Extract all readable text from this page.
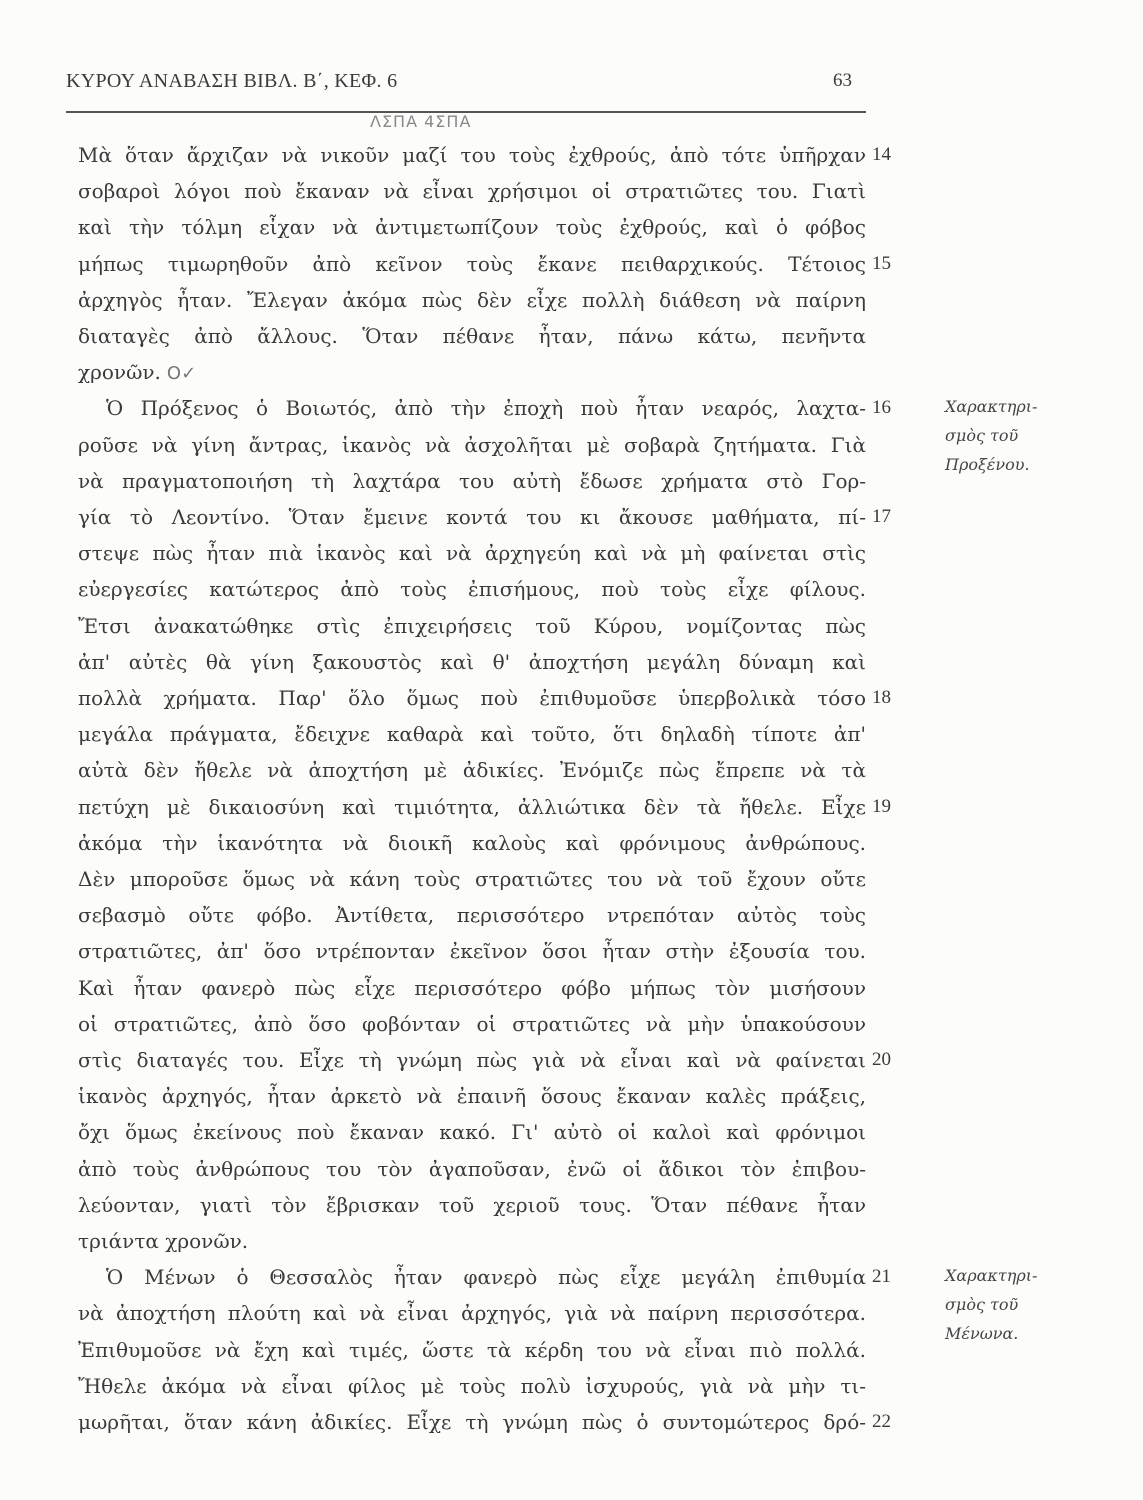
ΚΥΡΟΥ ΑΝΑΒΑΣΗ ΒΙΒΛ. Β΄, ΚΕΦ. 6	63
ΛΣΠΑ 4ΣΠΑ
Μὰ ὅταν ἄρχιζαν νὰ νικοῦν μαζί του τοὺς ἐχθρούς, ἀπὸ τότε ὑπῆρχαν 14
σοβαροὶ λόγοι ποὺ ἔκαναν νὰ εἶναι χρήσιμοι οἱ στρατιῶτες του. Γιατὶ
καὶ τὴν τόλμη εἶχαν νὰ ἀντιμετωπίζουν τοὺς ἐχθρούς, καὶ ὁ φόβος
μήπως τιμωρηθοῦν ἀπὸ κεῖνον τοὺς ἔκανε πειθαρχικούς. Τέτοιος 15
ἀρχηγὸς ἦταν. Ἔλεγαν ἀκόμα πὼς δὲν εἶχε πολλὴ διάθεση νὰ παίρνη
διαταγὲς ἀπὸ ἄλλους. Ὅταν πέθανε ἦταν, πάνω κάτω, πενῆντα
χρονῶν. O✓
Ὁ Πρόξενος ὁ Βοιωτός, ἀπὸ τὴν ἐποχὴ ποὺ ἦταν νεαρός, λαχτα- 16
ροῦσε νὰ γίνη ἄντρας, ἱκανὸς νὰ ἀσχολῆται μὲ σοβαρὰ ζητήματα. Γιὰ
νὰ πραγματοποιήση τὴ λαχτάρα του αὐτὴ ἔδωσε χρήματα στὸ Γορ-
γία τὸ Λεοντίνο. Ὅταν ἔμεινε κοντά του κι ἄκουσε μαθήματα, πί- 17
στεψε πὼς ἦταν πιὰ ἱκανὸς καὶ νὰ ἀρχηγεύη καὶ νὰ μὴ φαίνεται στὶς
εὐεργεσίες κατώτερος ἀπὸ τοὺς ἐπισήμους, ποὺ τοὺς εἶχε φίλους.
Ἔτσι ἀνακατώθηκε στὶς ἐπιχειρήσεις τοῦ Κύρου, νομίζοντας πὼς
ἀπ' αὐτὲς θὰ γίνη ξακουστὸς καὶ θ' ἀποχτήση μεγάλη δύναμη καὶ
πολλὰ χρήματα. Παρ' ὅλο ὅμως ποὺ ἐπιθυμοῦσε ὑπερβολικὰ τόσο 18
μεγάλα πράγματα, ἔδειχνε καθαρὰ καὶ τοῦτο, ὅτι δηλαδὴ τίποτε ἀπ'
αὐτὰ δὲν ἤθελε νὰ ἀποχτήση μὲ ἀδικίες. Ἐνόμιζε πὼς ἔπρεπε νὰ τὰ
πετύχη μὲ δικαιοσύνη καὶ τιμιότητα, ἀλλιώτικα δὲν τὰ ἤθελε. Εἶχε 19
ἀκόμα τὴν ἱκανότητα νὰ διοικῆ καλοὺς καὶ φρόνιμους ἀνθρώπους.
Δὲν μποροῦσε ὅμως νὰ κάνη τοὺς στρατιῶτες του νὰ τοῦ ἔχουν οὔτε
σεβασμὸ οὔτε φόβο. Ἀντίθετα, περισσότερο ντρεπόταν αὐτὸς τοὺς
στρατιῶτες, ἀπ' ὅσο ντρέπονταν ἐκεῖνον ὅσοι ἦταν στὴν ἐξουσία του.
Καὶ ἦταν φανερὸ πὼς εἶχε περισσότερο φόβο μήπως τὸν μισήσουν
οἱ στρατιῶτες, ἀπὸ ὅσο φοβόνταν οἱ στρατιῶτες νὰ μὴν ὑπακούσουν
στὶς διαταγές του. Εἶχε τὴ γνώμη πὼς γιὰ νὰ εἶναι καὶ νὰ φαίνεται 20
ἱκανὸς ἀρχηγός, ἦταν ἀρκετὸ νὰ ἐπαινῆ ὅσους ἔκαναν καλὲς πράξεις,
ὄχι ὅμως ἐκείνους ποὺ ἔκαναν κακό. Γι' αὐτὸ οἱ καλοὶ καὶ φρόνιμοι
ἀπὸ τοὺς ἀνθρώπους του τὸν ἀγαποῦσαν, ἐνῶ οἱ ἄδικοι τὸν ἐπιβου-
λεύονταν, γιατὶ τὸν ἔβρισκαν τοῦ χεριοῦ τους. Ὅταν πέθανε ἦταν
τριάντα χρονῶν.
Ὁ Μένων ὁ Θεσσαλὸς ἦταν φανερὸ πὼς εἶχε μεγάλη ἐπιθυμία 21
νὰ ἀποχτήση πλούτη καὶ νὰ εἶναι ἀρχηγός, γιὰ νὰ παίρνη περισσότερα.
Ἐπιθυμοῦσε νὰ ἔχη καὶ τιμές, ὥστε τὰ κέρδη του νὰ εἶναι πιὸ πολλά.
Ἤθελε ἀκόμα νὰ εἶναι φίλος μὲ τοὺς πολὺ ἰσχυρούς, γιὰ νὰ μὴν τι-
μωρῆται, ὅταν κάνη ἀδικίες. Εἶχε τὴ γνώμη πὼς ὁ συντομώτερος δρό- 22
Χαρακτηρι-
σμὸς τοῦ
Προξένου.
Χαρακτηρι-
σμὸς τοῦ
Μένωνα.
